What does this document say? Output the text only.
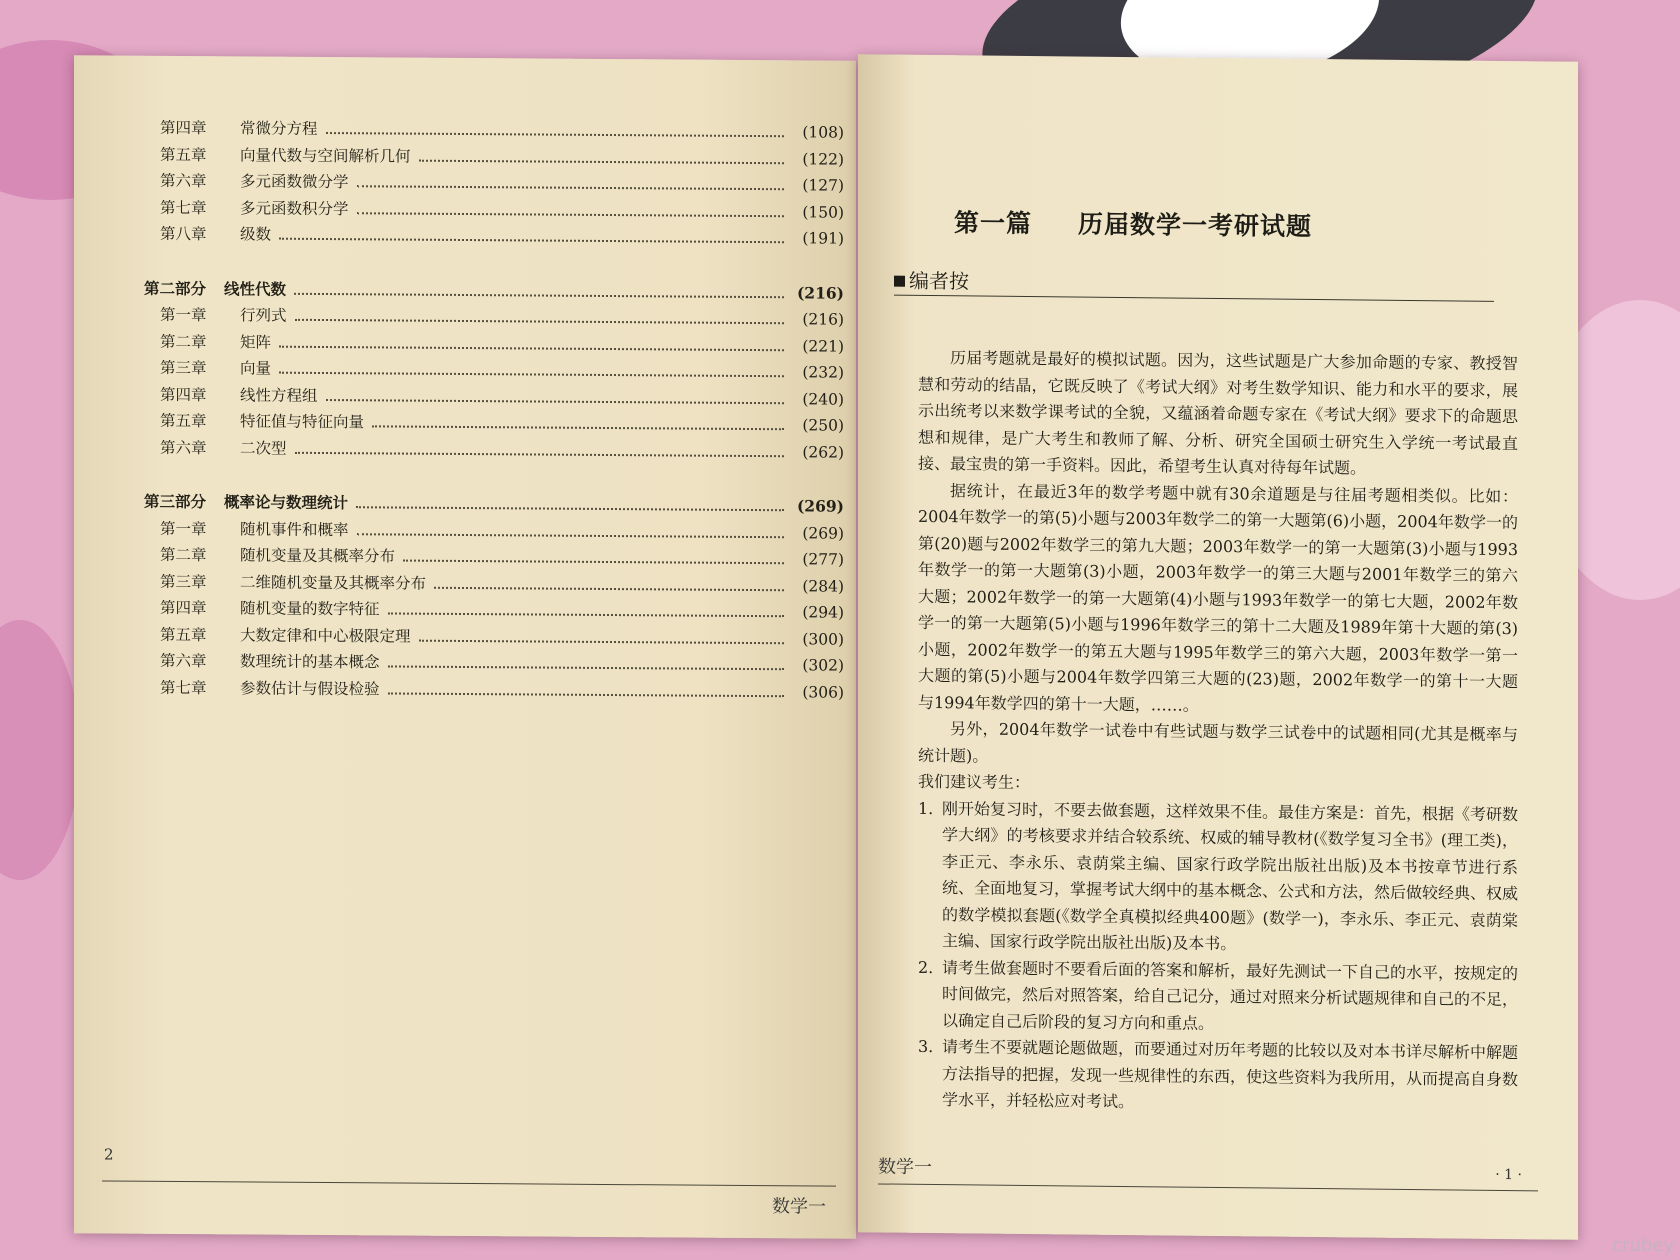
第四章	常微分方程	(108)
第五章	向量代数与空间解析几何	(122)
第六章	多元函数微分学	(127)
第七章	多元函数积分学	(150)
第八章	级数	(191)
第二部分	线性代数	(216)
第一章	行列式	(216)
第二章	矩阵	(221)
第三章	向量	(232)
第四章	线性方程组	(240)
第五章	特征值与特征向量	(250)
第六章	二次型	(262)
第三部分	概率论与数理统计	(269)
第一章	随机事件和概率	(269)
第二章	随机变量及其概率分布	(277)
第三章	二维随机变量及其概率分布	(284)
第四章	随机变量的数字特征	(294)
第五章	大数定律和中心极限定理	(300)
第六章	数理统计的基本概念	(302)
第七章	参数估计与假设检验	(306)
2
数学一
第一篇 历届数学一考研试题
编者按

历届考题就是最好的模拟试题。因为，这些试题是广大参加命题的专家、教授智慧和劳动的结晶，它既反映了《考试大纲》对考生数学知识、能力和水平的要求，展示出统考以来数学课考试的全貌，又蕴涵着命题专家在《考试大纲》要求下的命题思想和规律，是广大考生和教师了解、分析、研究全国硕士研究生入学统一考试最直接、最宝贵的第一手资料。因此，希望考生认真对待每年试题。

据统计，在最近3年的数学考题中就有30余道题是与往届考题相类似。比如：2004年数学一的第(5)小题与2003年数学二的第一大题第(6)小题，2004年数学一的第(20)题与2002年数学三的第九大题；2003年数学一的第一大题第(3)小题与1993年数学一的第一大题第(3)小题，2003年数学一的第三大题与2001年数学三的第六大题；2002年数学一的第一大题第(4)小题与1993年数学一的第七大题，2002年数学一的第一大题第(5)小题与1996年数学三的第十二大题及1989年第十大题的第(3)小题，2002年数学一的第五大题与1995年数学三的第六大题，2003年数学一第一大题的第(5)小题与2004年数学四第三大题的(23)题，2002年数学一的第十一大题与1994年数学四的第十一大题，……。

另外，2004年数学一试卷中有些试题与数学三试卷中的试题相同(尤其是概率与统计题)。

我们建议考生：

1. 刚开始复习时，不要去做套题，这样效果不佳。最佳方案是：首先，根据《考研数学大纲》的考核要求并结合较系统、权威的辅导教材(《数学复习全书》(理工类)，李正元、李永乐、袁荫棠主编、国家行政学院出版社出版)及本书按章节进行系统、全面地复习，掌握考试大纲中的基本概念、公式和方法，然后做较经典、权威的数学模拟套题(《数学全真模拟经典400题》(数学一)，李永乐、李正元、袁荫棠主编、国家行政学院出版社出版)及本书。
2. 请考生做套题时不要看后面的答案和解析，最好先测试一下自己的水平，按规定的时间做完，然后对照答案，给自己记分，通过对照来分析试题规律和自己的不足，以确定自己后阶段的复习方向和重点。
3. 请考生不要就题论题做题，而要通过对历年考题的比较以及对本书详尽解析中解题方法指导的把握，发现一些规律性的东西，使这些资料为我所用，从而提高自身数学水平，并轻松应对考试。
数学一	· 1 ·
crubey
